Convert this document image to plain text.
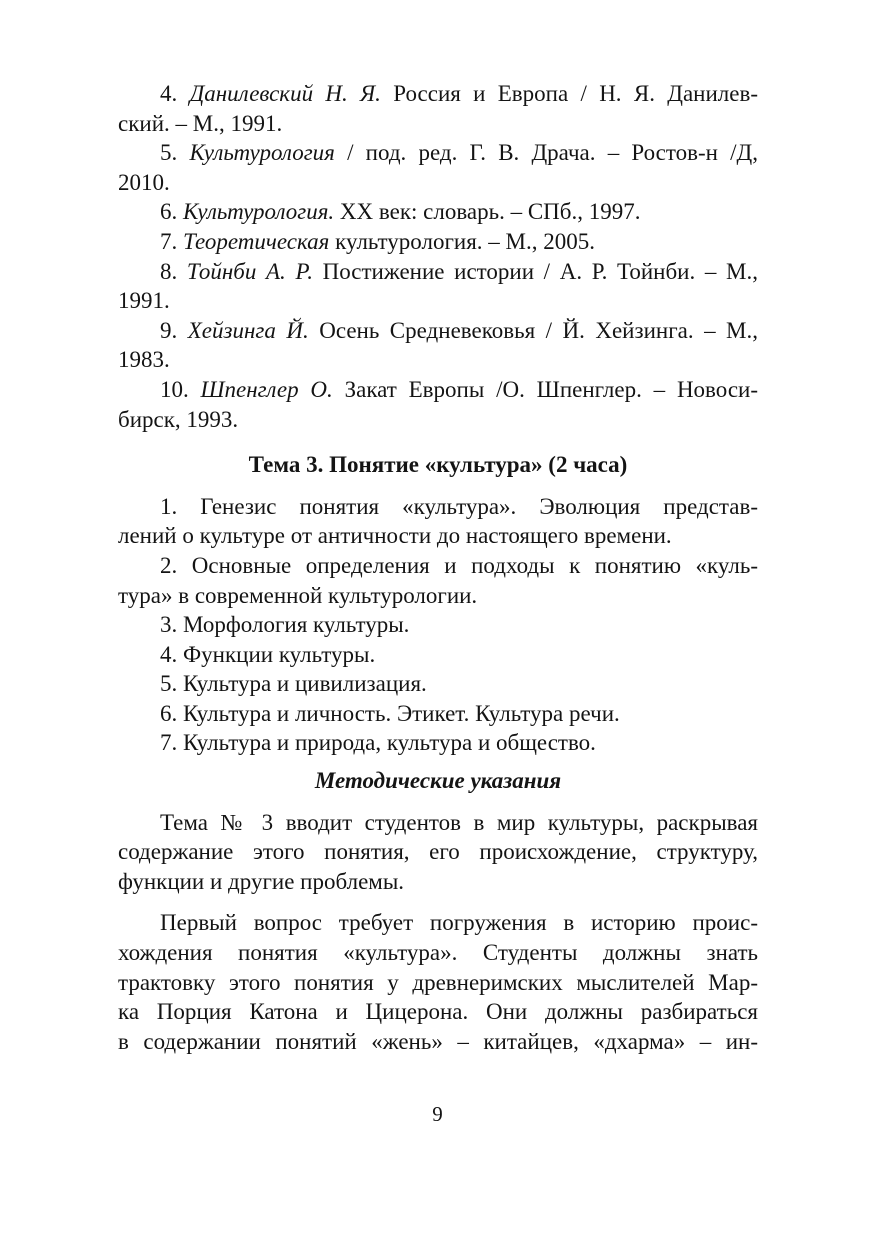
4. Данилевский Н. Я. Россия и Европа / Н. Я. Данилев-

ский. – М., 1991.

5. Культурология / под. ред. Г. В. Драча. – Ростов-н /Д,

2010.

6. Культурология. XX век: словарь. – СПб., 1997.

7. Теоретическая культурология. – М., 2005.

8. Тойнби А. Р. Постижение истории / А. Р. Тойнби. – М.,

1991.

9. Хейзинга Й. Осень Средневековья / Й. Хейзинга. – М.,

1983.

10. Шпенглер О. Закат Европы /О. Шпенглер. – Новоси-

бирск, 1993.

Тема 3. Понятие «культура» (2 часа)

1. Генезис понятия «культура». Эволюция представ-

лений о культуре от античности до настоящего времени.

2. Основные определения и подходы к понятию «куль-

тура» в современной культурологии.

3. Морфология культуры.

4. Функции культуры.

5. Культура и цивилизация.

6. Культура и личность. Этикет. Культура речи.

7. Культура и природа, культура и общество.

Методические указания

Тема № 3 вводит студентов в мир культуры, раскрывая

содержание этого понятия, его происхождение, структуру,

функции и другие проблемы.

Первый вопрос требует погружения в историю проис-

хождения понятия «культура». Студенты должны знать

трактовку этого понятия у древнеримских мыслителей Мар-

ка Порция Катона и Цицерона. Они должны разбираться

в содержании понятий «жень» – китайцев, «дхарма» – ин-

9
